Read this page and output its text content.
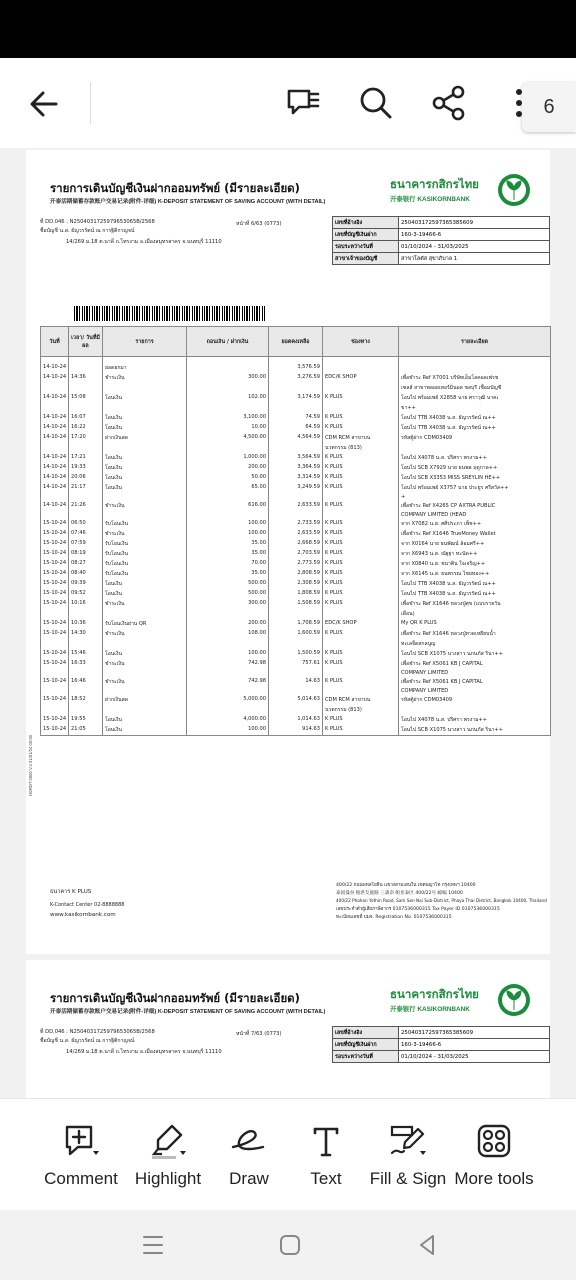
รายการเดินบัญชีเงินฝากออมทรัพย์ (มีรายละเอียด)
开泰活期储蓄存款账户交易记录(附件-详细) K-DEPOSIT STATEMENT OF SAVING ACCOUNT (WITH DETAIL)
ธนาคารกสิกรไทย
开泰银行 KASIKORNBANK
ที่ DD.046 : N2504031725979653065B/2568	หน้าที่ 6/63 (0773)
ชื่อบัญชี น.ส. ธัญวรรัตน์ ณ การฐิติกาญจน์
14/269 ม.18 ต.นาดี ถ.ไทรงาม อ.เมืองสมุทรสาคร จ.นนทบุรี 11110
เลขที่อ้างอิง	250403172597365385609
เลขที่บัญชีเงินฝาก	160-3-19466-6
รอบระหว่างวันที่	01/10/2024 - 31/03/2025
สาขาเจ้าของบัญชี	สาขาโลตัส สุขาภิบาล 1
วันที่	เวลา/ วันที่มีผล	รายการ	ถอนเงิน / ฝากเงิน	ยอดคงเหลือ	ช่องทาง	รายละเอียด

14-10-24		ยอดยกมา		3,576.59		
14-10-24	14:36	ชำระเงิน	300.00	3,276.59	EDC/K SHOP	เพื่อชำระ Ref X7001 บริษัทเอ็มโลคอลเฟรช
						เซลส์ สาขาพลอยเทอร์มินอล ชลบุรี เชื่อมบัญชี
14-10-24	15:08	โอนเงิน	102.00	3,174.59	K PLUS	โอนไป พร้อมเพย์ X2858 นาย ศราวุฒิ นาคเ
						ขา++
14-10-24	16:07	โอนเงิน	3,100.00	74.59	K PLUS	โอนไป TTB X4038 น.ส. ธัญวรรัตน์ ณ++
14-10-24	16:22	โอนเงิน	10.00	64.59	K PLUS	โอนไป TTB X4038 น.ส. ธัญวรรัตน์ ณ++
14-10-24	17:20	ฝากเงินสด	4,500.00	4,564.59	CDM RCM สาขาบน	รหัสตู้ฝาก CDM03409
					นวตกรรม (813)	
14-10-24	17:21	โอนเงิน	1,000.00	3,564.59	K PLUS	โอนไป X4078 น.ส. ปริศรา พรงาม++
14-10-24	19:33	โอนเงิน	200.00	3,364.59	K PLUS	โอนไป SCB X7929 นาย ธนพล ฤดูกาล++
14-10-24	20:06	โอนเงิน	50.00	3,314.59	K PLUS	โอนไป SCB X3353 MISS SREYLIN HE++
14-10-24	21:17	โอนเงิน	65.00	3,249.59	K PLUS	โอนไป พร้อมเพย์ X3757 นาย ประยูร ศรีสวัส++
						+
14-10-24	21:26	ชำระเงิน	616.00	2,633.59	K PLUS	เพื่อชำระ Ref X4265 CP AXTRA PUBLIC
						COMPANY LIMITED (HEAD
15-10-24	06:50	รับโอนเงิน	100.00	2,733.59	K PLUS	จาก X7082 น.ส. ศศิประภา เพ็ช++
15-10-24	07:46	ชำระเงิน	100.00	2,633.59	K PLUS	เพื่อชำระ Ref X1646 TrueMoney Wallet
15-10-24	07:59	รับโอนเงิน	35.00	2,668.59	K PLUS	จาก X0164 นาย ธนพัฒน์ ล้อมศรี++
15-10-24	08:19	รับโอนเงิน	35.00	2,703.59	K PLUS	จาก X6943 น.ส. ณัฐฐา ทะนัด++
15-10-24	08:27	รับโอนเงิน	70.00	2,773.59	K PLUS	จาก X0840 น.ส. ชนาติน ใจเจริญ++
15-10-24	08:40	รับโอนเงิน	35.00	2,808.59	K PLUS	จาก X6145 น.ส. ธนพรรณ ไชยทอง++
15-10-24	09:39	โอนเงิน	500.00	2,308.59	K PLUS	โอนไป TTB X4038 น.ส. ธัญวรรัตน์ ณ++
15-10-24	09:52	โอนเงิน	500.00	1,808.59	K PLUS	โอนไป TTB X4038 น.ส. ธัญวรรัตน์ ณ++
15-10-24	10:16	ชำระเงิน	300.00	1,508.59	K PLUS	เพื่อชำระ Ref X1646 หลวงปู่ศุข (แบบรายวัน
						เดือน)
15-10-24	10:36	รับโอนเงินผ่าน QR	200.00	1,708.59	EDC/K SHOP	My QR K PLUS
15-10-24	14:30	ชำระเงิน	108.00	1,600.59	K PLUS	เพื่อชำระ Ref X1646 หลวงปู่ทวดเหยียบน้ำ
						ทะเลจืดสกลนูญ
15-10-24	15:46	โอนเงิน	100.00	1,500.59	K PLUS	โอนไป SCB X1075 นางสาว นภนภัส รินา++
15-10-24	16:33	ชำระเงิน	742.98	757.61	K PLUS	เพื่อชำระ Ref X5061 KB J CAPITAL
						COMPANY LIMITED
15-10-24	16:46	ชำระเงิน	742.98	14.63	K PLUS	เพื่อชำระ Ref X5061 KB J CAPITAL
						COMPANY LIMITED
15-10-24	18:52	ฝากเงินสด	5,000.00	5,014.63	CDM RCM สาขาบน	รหัสตู้ฝาก CDM03409
					นวตกรรม (813)	
15-10-24	19:55	โอนเงิน	4,000.00	1,014.63	K PLUS	โอนไป X4078 น.ส. ปริศรา พรงาม++
15-10-24	21:05	โอนเงิน	100.00	914.63	K PLUS	โอนไป SCB X1075 นางสาว นภนภัส รินา++
HSRDT 0000 V.4 01/01/24 00:00
ธนาคาร K PLUS
K-Contact Center 02-8888888
www.kasikornbank.com
400/22 ถนนพหลโยธิน แขวงสามเสนใน เขตพญาไท กรุงเทพฯ 10400
泰国曼谷 帕洪友庭路 三森奈 帕亚泰区 400/22号 邮编 10400
400/22 Phahon Yothin Road, Sam Sen Nai Sub-District, Phaya Thai District, Bangkok 10400, Thailand
เลขประจำตัวผู้เสียภาษีอากร 0107536000315 Tax Payer ID 0107536000315
ทะเบียนเลขที่ บมจ. Registration No. 0107536000315
รายการเดินบัญชีเงินฝากออมทรัพย์ (มีรายละเอียด)
开泰活期储蓄存款账户交易记录(附件-详细) K-DEPOSIT STATEMENT OF SAVING ACCOUNT (WITH DETAIL)
ธนาคารกสิกรไทย
开泰银行 KASIKORNBANK
ที่ DD.046 : N2504031725979653065B/2568	หน้าที่ 7/63 (0773)
ชื่อบัญชี น.ส. ธัญวรรัตน์ ณ การฐิติกาญจน์
14/269 ม.18 ต.นาดี ถ.ไทรงาม อ.เมืองสมุทรสาคร จ.นนทบุรี 11110
เลขที่อ้างอิง	250403172597365385609
เลขที่บัญชีเงินฝาก	160-3-19466-6
รอบระหว่างวันที่	01/10/2024 - 31/03/2025
6
Comment	Highlight	Draw	Text	Fill & Sign More tools
